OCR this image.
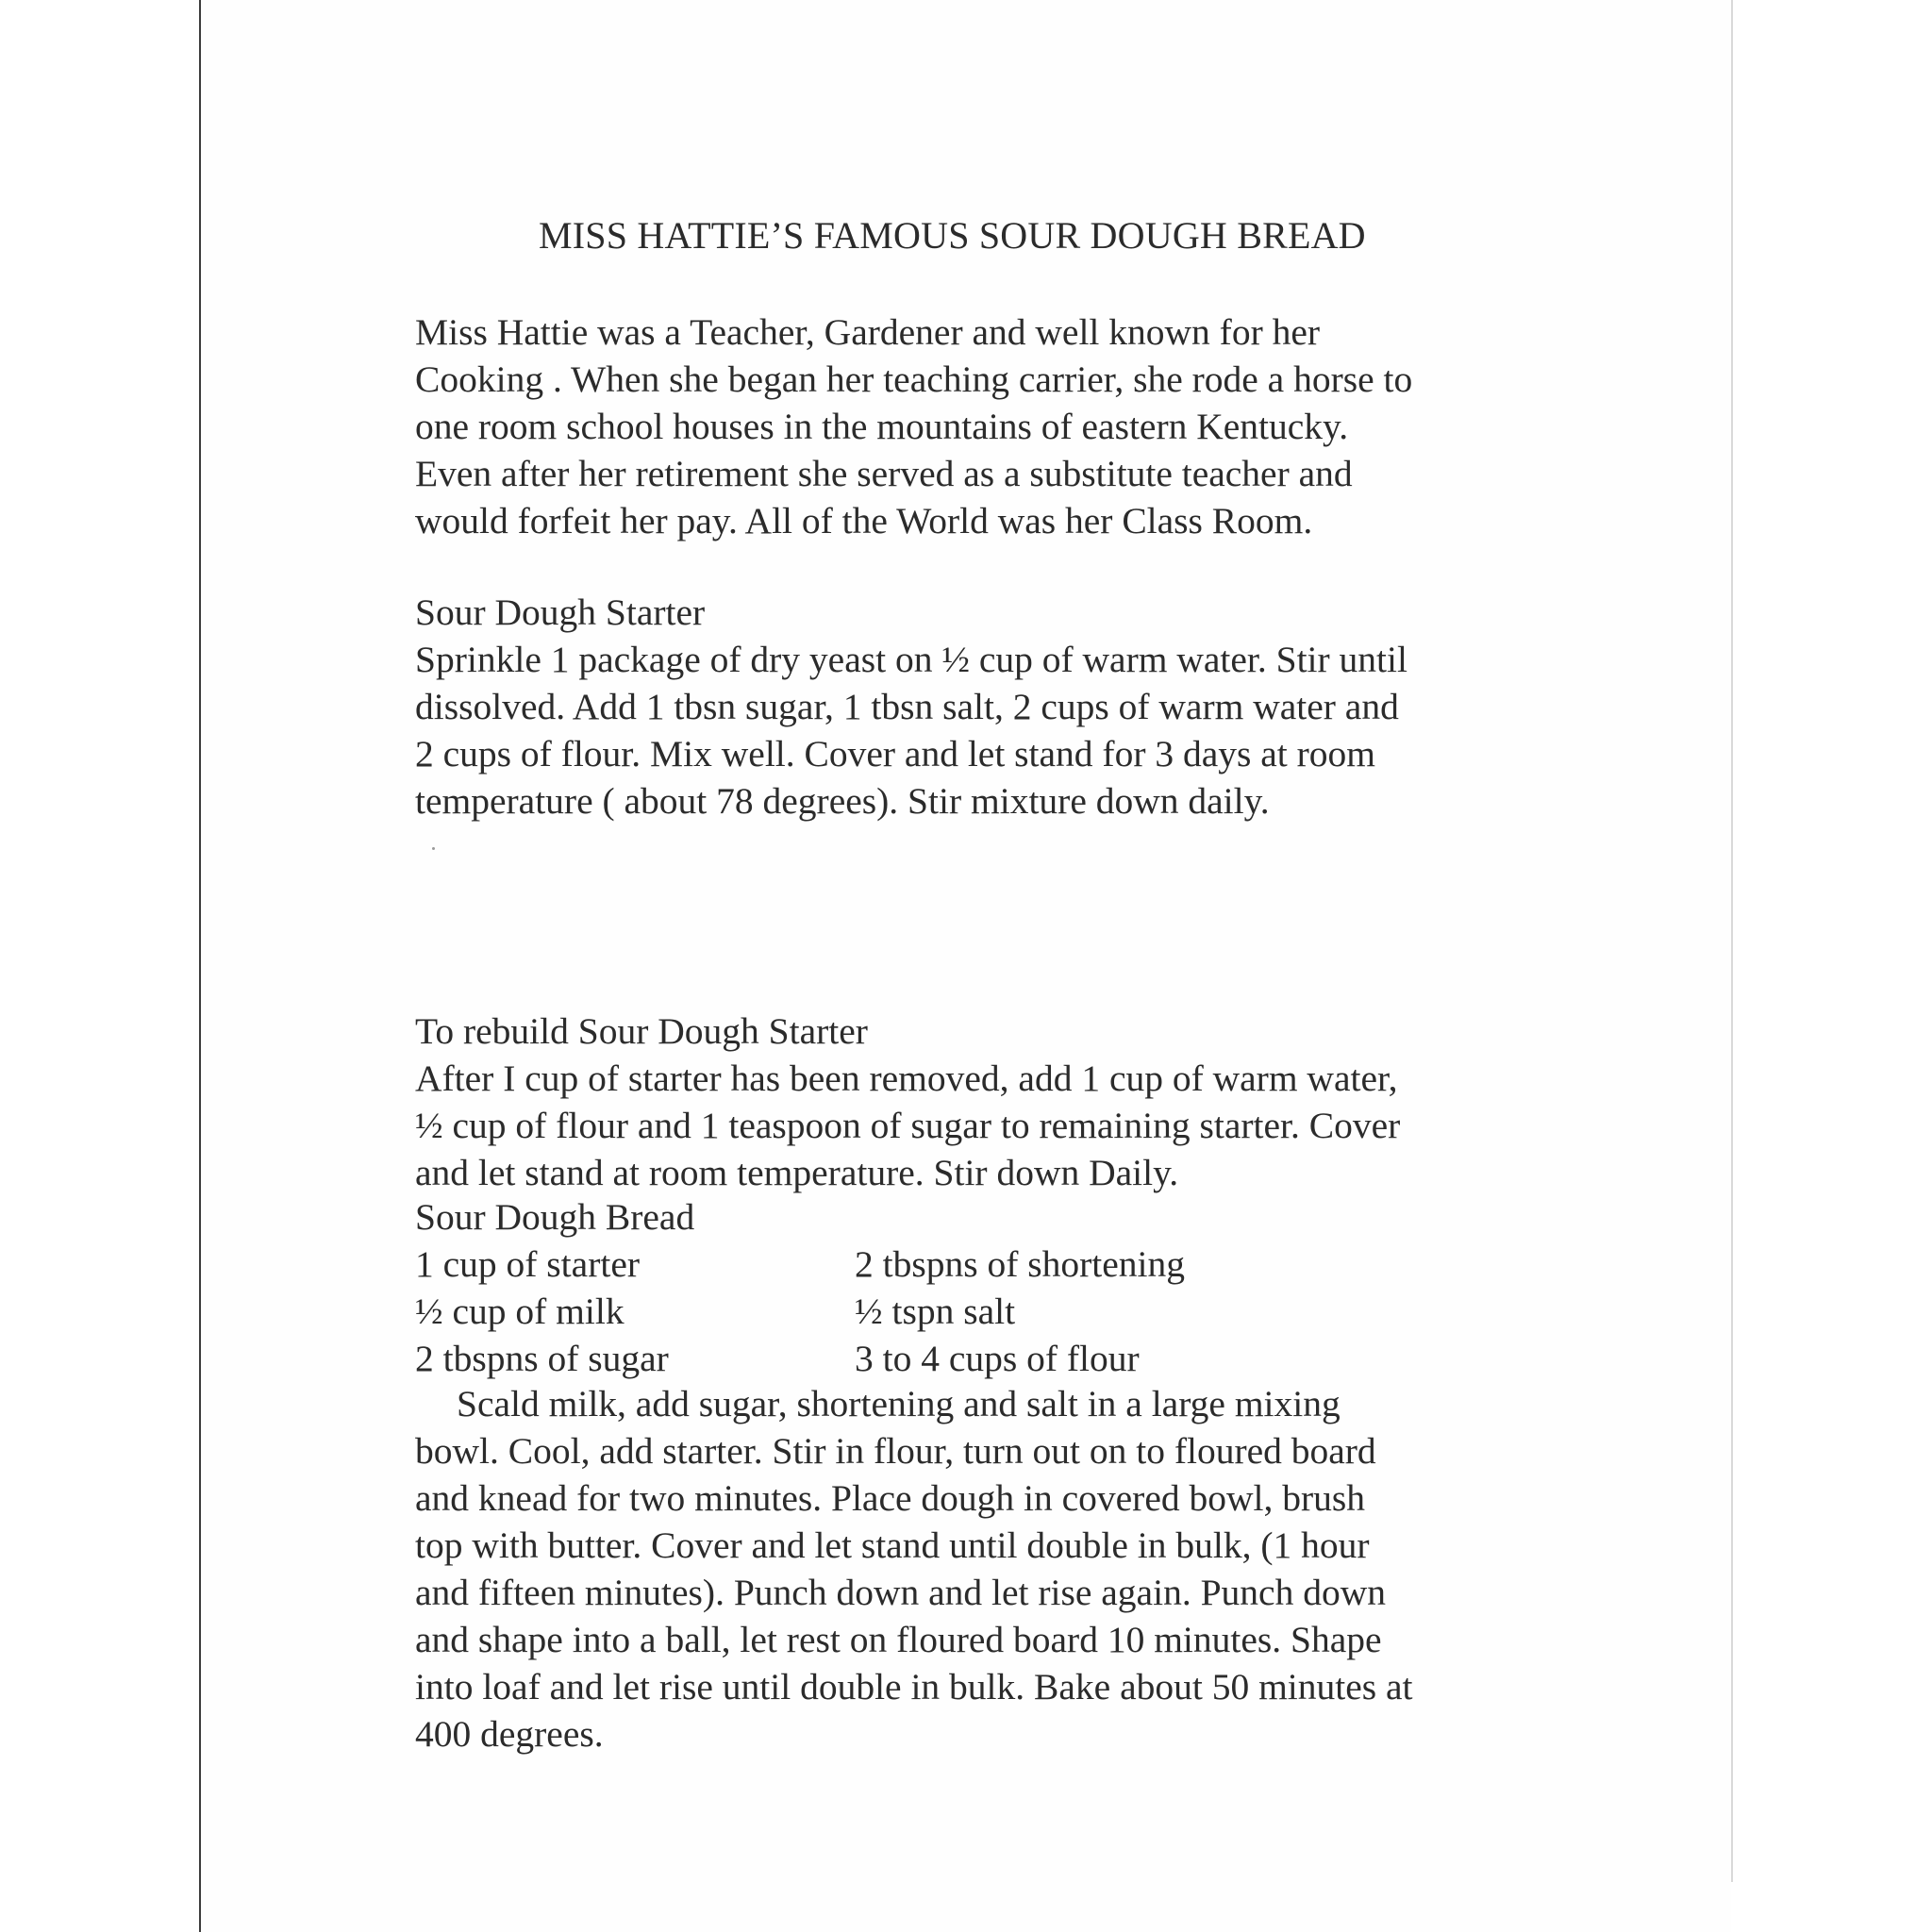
MISS HATTIE’S FAMOUS SOUR DOUGH BREAD
Miss Hattie was a Teacher, Gardener and well known for her
Cooking . When she began her teaching carrier, she rode a horse to
one room school houses in the mountains of eastern Kentucky.
Even after her retirement she served as a substitute teacher and
would forfeit her pay. All of the World was her Class Room.
Sour Dough Starter
Sprinkle 1 package of dry yeast on ½ cup of warm water. Stir until
dissolved. Add 1 tbsn sugar, 1 tbsn salt, 2 cups of warm water and
2 cups of flour. Mix well. Cover and let stand for 3 days at room
temperature ( about 78 degrees). Stir mixture down daily.
To rebuild Sour Dough Starter
After I cup of starter has been removed, add 1 cup of warm water,
½ cup of flour and 1 teaspoon of sugar to remaining starter. Cover
and let stand at room temperature. Stir down Daily.
Sour Dough Bread
1 cup of starter	2 tbspns of shortening
½ cup of milk	½ tspn salt
2 tbspns of sugar	3 to 4 cups of flour
Scald milk, add sugar, shortening and salt in a large mixing
bowl. Cool, add starter. Stir in flour, turn out on to floured board
and knead for two minutes. Place dough in covered bowl, brush
top with butter. Cover and let stand until double in bulk, (1 hour
and fifteen minutes). Punch down and let rise again. Punch down
and shape into a ball, let rest on floured board 10 minutes. Shape
into loaf and let rise until double in bulk. Bake about 50 minutes at
400 degrees.
